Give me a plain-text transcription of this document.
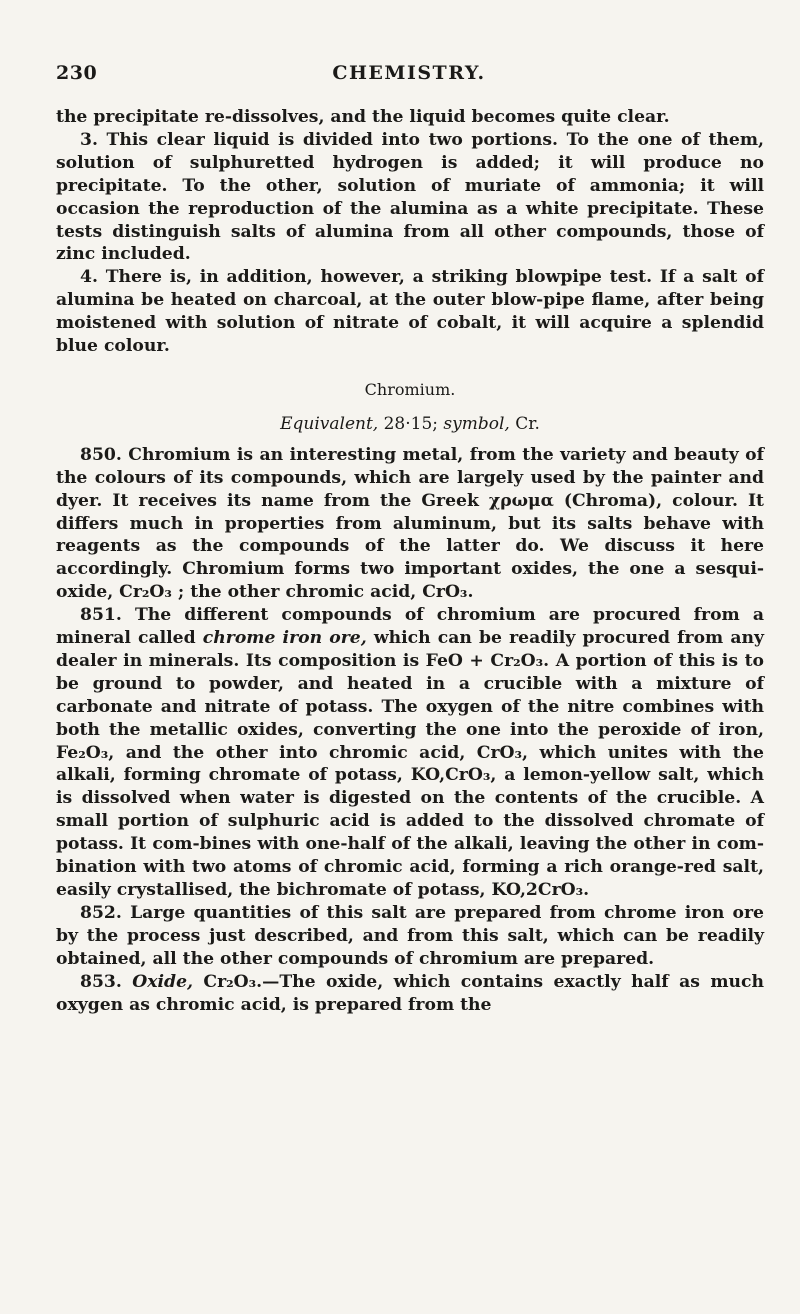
230	CHEMISTRY.

the precipitate re-dissolves, and the liquid becomes quite clear.

3. This clear liquid is divided into two portions. To the one of them, solution of sulphuretted hydrogen is added; it will produce no precipitate. To the other, solution of muriate of ammonia; it will occasion the reproduction of the alumina as a white precipitate. These tests distinguish salts of alumina from all other compounds, those of zinc included.

4. There is, in addition, however, a striking blowpipe test. If a salt of alumina be heated on charcoal, at the outer blow-pipe flame, after being moistened with solution of nitrate of cobalt, it will acquire a splendid blue colour.

Chromium.
Equivalent, 28·15; symbol, Cr.

850. Chromium is an interesting metal, from the variety and beauty of the colours of its compounds, which are largely used by the painter and dyer. It receives its name from the Greek χρωμα (Chroma), colour. It differs much in properties from aluminum, but its salts behave with reagents as the compounds of the latter do. We discuss it here accordingly. Chromium forms two important oxides, the one a sesqui-oxide, Cr₂O₃ ; the other chromic acid, CrO₃.

851. The different compounds of chromium are procured from a mineral called chrome iron ore, which can be readily procured from any dealer in minerals. Its composition is FeO + Cr₂O₃. A portion of this is to be ground to powder, and heated in a crucible with a mixture of carbonate and nitrate of potass. The oxygen of the nitre combines with both the metallic oxides, converting the one into the peroxide of iron, Fe₂O₃, and the other into chromic acid, CrO₃, which unites with the alkali, forming chromate of potass, KO,CrO₃, a lemon-yellow salt, which is dissolved when water is digested on the contents of the crucible. A small portion of sulphuric acid is added to the dissolved chromate of potass. It com-bines with one-half of the alkali, leaving the other in com-bination with two atoms of chromic acid, forming a rich orange-red salt, easily crystallised, the bichromate of potass, KO,2CrO₃.

852. Large quantities of this salt are prepared from chrome iron ore by the process just described, and from this salt, which can be readily obtained, all the other compounds of chromium are prepared.

853. Oxide, Cr₂O₃.—The oxide, which contains exactly half as much oxygen as chromic acid, is prepared from the
